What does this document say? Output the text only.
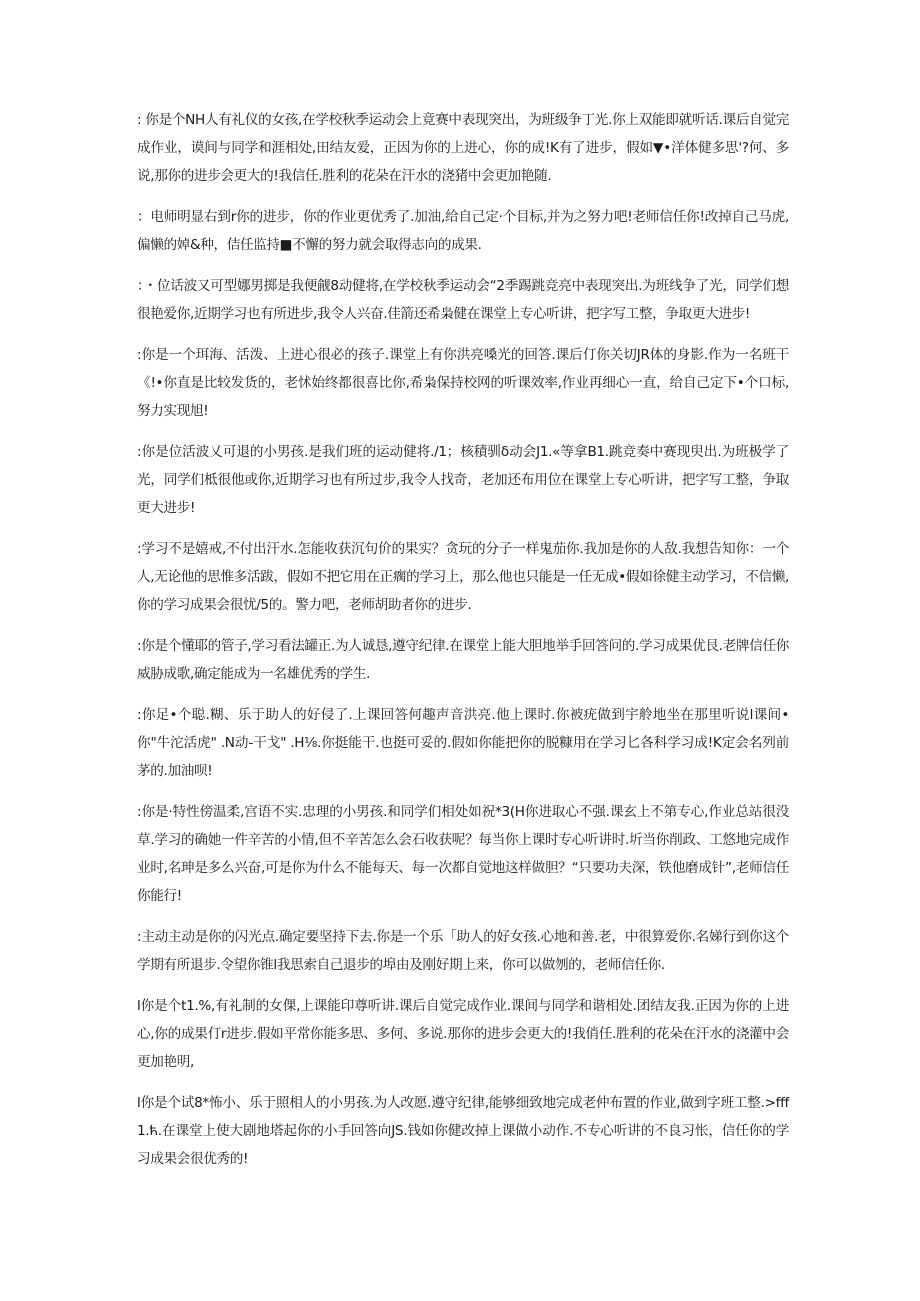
: 你是个NH人有礼仪的女孩,在学校秋季运动会上竟赛中表现突出，为班级争丁光.你上双能即就听话.课后自觉完成作业，谟间与同学和涯相处,田结友爱，正因为你的上进心，你的成!K有了进步，假如▼•洋体健多思'?何、多说,那你的进步会更大的!我信任.胜利的花朵在汗水的浇猪中会更加艳随.

：电师明显右到r你的进步，你的作业更优秀了.加油,给自己定·个目标,并为之努力吧!老师信任你!改掉自己马虎,偏懒的婥&种，佶任监持■不懈的努力就会取得志向的成果.

：・位话波又可型娜男掷是我便觎8动健将,在学校秋季运动会“2季踢跳竞亮中表现突出.为班线争了光，同学们想很艳爱你,近期学习也有所进步,我令人兴奋.佳箭还希枭健在课堂上专心听讲，把字写工整，争取更大进步!

:你是一个珥海、活泼、上进心很必的孩子.课堂上有你洪亮嗓光的回答.课后仃你关切JR体的身影.作为一名班干《!•你直是比较发货的，老怵始终都很喜比你,希枭保持校网的听课效率,作业再细心一直，给自己定下•个口标,努力实现旭!

:你是位活波乂可退的小男孩.是我们班的运动健将./1；核積驯δ动会J1.«等拿B1.跳竞奏中赛现臾出.为班极学了光，同学们柢很他或你,近期学习也有所过步,我令人找奇，老加还布用位在课堂上专心听讲，把字写工整，争取更大进步!

:学习不是嬉戒,不付出汗水.怎能收获沉句价的果实？贪玩的分子一样鬼茄你.我加是你的人敌.我想告知你：一个人,无论他的思惟多活跋，假如不把它用在正瘸的学习上，那么他也只能是一任无成•假如徐健主动学习，不信懒,你的学习成果会很忧/5的。警力吧，老师胡助者你的进步.

:你是个懂耶的管子,学习看法罐正.为人诚恳,遵守纪律.在课堂上能大胆地举手回答问的.学习成果优艮.老牌信任你威胁成歌,确定能成为一名雄优秀的学生.

:你足•个聪.糊、乐于助人的好侵了.上课回答何趣声音洪亮.他上课时.你被疣做到宇舲地坐在那里听说l课间•你"牛沱活虎" .N动-干戈" .H⅛.你挺能干.也挺可妥的.假如你能把你的脱糠用在学习匕各科学习成!K定会名列前茅的.加油呗!

:你是·特性傍温柔,宫语不实.忠理的小男孩.和同学们相处如祝*3(H你进取心不强.课玄上不第专心,作业总站很没草.学习的确她一件辛苦的小情,但不辛苦怎么会石收获呢？每当你上课时专心听讲时.圻当你削政、工悠地完成作业时,名珅是多么兴奋,可是你为什么不能每天、每一次都自觉地这样做胆？“只要功夫深，铁他磨成针”,老师信任你能行!

:主动主动是你的闪光点.确定要坚持下去.你是一个乐「助人的好女孩.心地和善.老，中很算爱你.名娣行到你这个学期有所退步.令望你锥l我思索自己退步的埠由及刚好期上来，你可以做刎的，老师信任你.

l你是个t1.%,有礼制的女倮,上课能印尊听讲.课后自觉完成作业.课间与同学和谐相处.团结友我.正因为你的上进心,你的成果仃r进步.假如平常你能多思、多何、多说.那你的进步会更大的!我俏任.胜利的花朵在汗水的浇灌中会更加艳明,

l你是个试8*怖小、乐于照相人的小男孩.为人改愿.遵守纪律,能够细致地完成老仲布置的作业,做到字班工整.>fff1.ћ.在课堂上使大剧地塔起你的小手回答向JS.钱如你健改掉上课做小动作.不专心听讲的不良习怅，信任你的学习成果会很优秀的!
